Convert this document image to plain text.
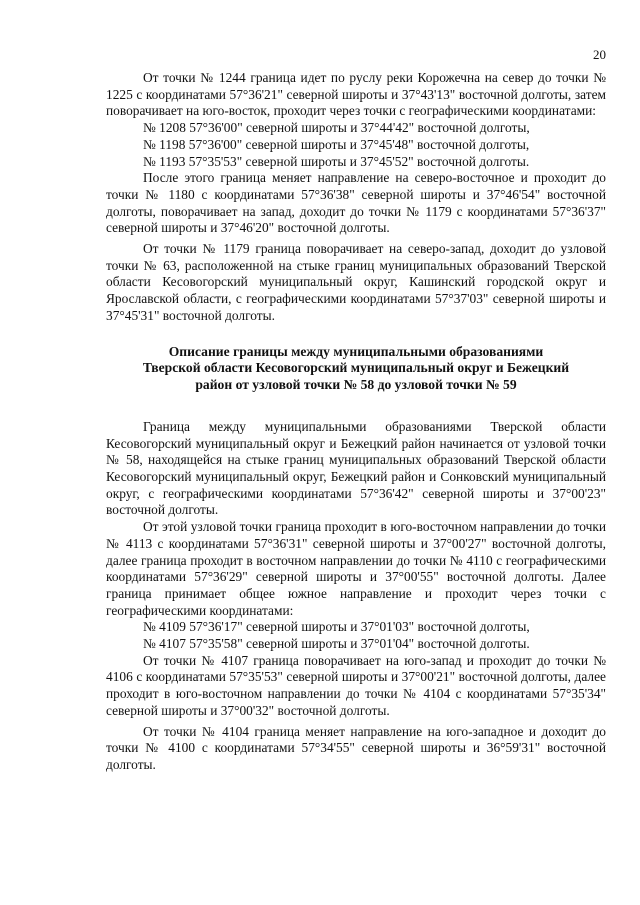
20

От точки № 1244 граница идет по руслу реки Корожечна на север до точки № 1225 с координатами 57°36'21" северной широты и 37°43'13" восточной долготы, затем поворачивает на юго-восток, проходит через точки с географическими координатами:

№ 1208 57°36'00" северной широты и 37°44'42" восточной долготы,

№ 1198 57°36'00" северной широты и 37°45'48" восточной долготы,

№ 1193 57°35'53" северной широты и 37°45'52" восточной долготы.

После этого граница меняет направление на северо-восточное и проходит до точки № 1180 с координатами 57°36'38" северной широты и 37°46'54" восточной долготы, поворачивает на запад, доходит до точки № 1179 с координатами 57°36'37" северной широты и 37°46'20" восточной долготы.

От точки № 1179 граница поворачивает на северо-запад, доходит до узловой точки № 63, расположенной на стыке границ муниципальных образований Тверской области Кесовогорский муниципальный округ, Кашинский городской округ и Ярославской области, с географическими координатами 57°37'03" северной широты и 37°45'31" восточной долготы.

Описание границы между муниципальными образованиями
Тверской области Кесовогорский муниципальный округ и Бежецкий
район от узловой точки № 58 до узловой точки № 59

Граница между муниципальными образованиями Тверской области Кесовогорский муниципальный округ и Бежецкий район начинается от узловой точки № 58, находящейся на стыке границ муниципальных образований Тверской области Кесовогорский муниципальный округ, Бежецкий район и Сонковский муниципальный округ, с географическими координатами 57°36'42" северной широты и 37°00'23" восточной долготы.

От этой узловой точки граница проходит в юго-восточном направлении до точки № 4113 с координатами 57°36'31" северной широты и 37°00'27" восточной долготы, далее граница проходит в восточном направлении до точки № 4110 с географическими координатами 57°36'29" северной широты и 37°00'55" восточной долготы. Далее граница принимает общее южное направление и проходит через точки с географическими координатами:

№ 4109 57°36'17" северной широты и 37°01'03" восточной долготы,

№ 4107 57°35'58" северной широты и 37°01'04" восточной долготы.

От точки № 4107 граница поворачивает на юго-запад и проходит до точки № 4106 с координатами 57°35'53" северной широты и 37°00'21" восточной долготы, далее проходит в юго-восточном направлении до точки № 4104 с координатами 57°35'34" северной широты и 37°00'32" восточной долготы.

От точки № 4104 граница меняет направление на юго-западное и доходит до точки № 4100 с координатами 57°34'55" северной широты и 36°59'31" восточной долготы.
